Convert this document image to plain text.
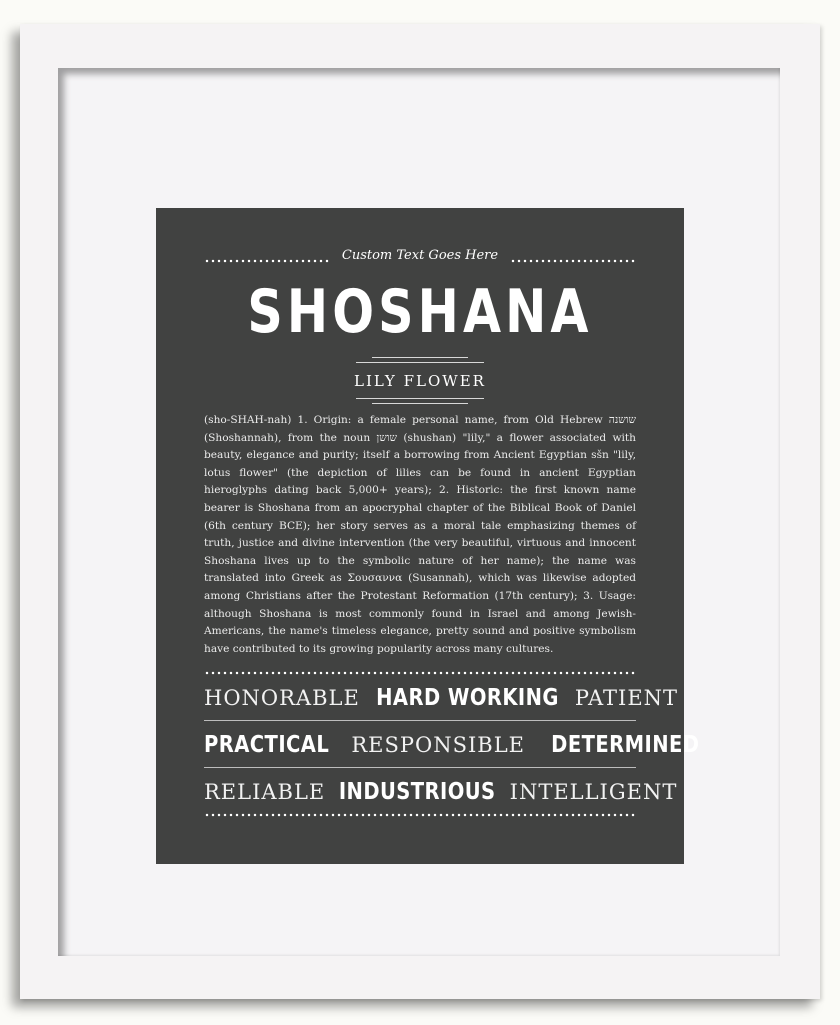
Custom Text Goes Here
SHOSHANA
LILY FLOWER
(sho-SHAH-nah) 1. Origin: a female personal name, from Old Hebrew שושנה (Shoshannah), from the noun שושן (shushan) "lily," a flower associated with beauty, elegance and purity; itself a borrowing from Ancient Egyptian sšn "lily, lotus flower" (the depiction of lilies can be found in ancient Egyptian hieroglyphs dating back 5,000+ years); 2. Historic: the first known name bearer is Shoshana from an apocryphal chapter of the Biblical Book of Daniel (6th century BCE); her story serves as a moral tale emphasizing themes of truth, justice and divine intervention (the very beautiful, virtuous and innocent Shoshana lives up to the symbolic nature of her name); the name was translated into Greek as Σουσαννα (Susannah), which was likewise adopted among Christians after the Protestant Reformation (17th century); 3. Usage: although Shoshana is most commonly found in Israel and among Jewish-Americans, the name's timeless elegance, pretty sound and positive symbolism have contributed to its growing popularity across many cultures.
HONORABLE HARD WORKING PATIENT
PRACTICAL RESPONSIBLE DETERMINED
RELIABLE INDUSTRIOUS INTELLIGENT
